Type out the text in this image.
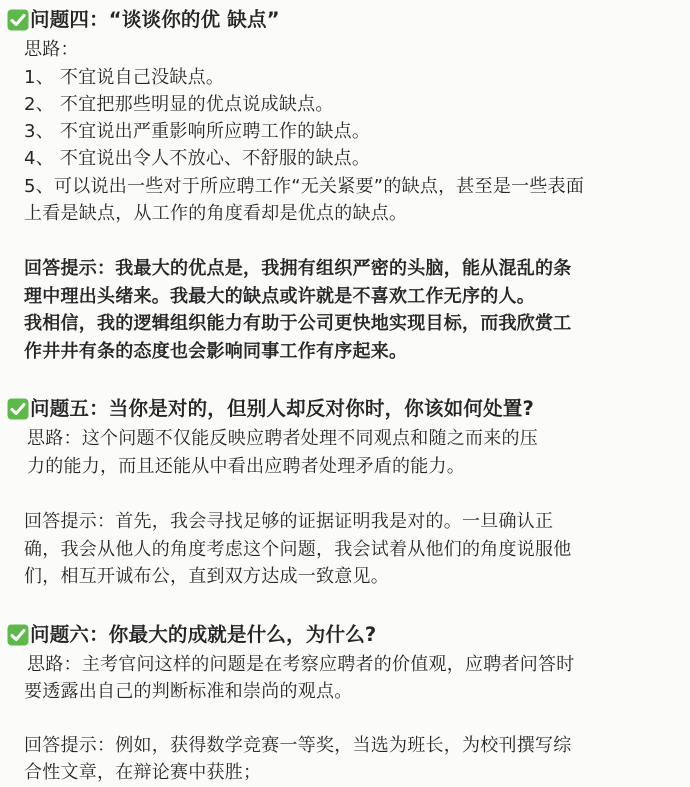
问题四：“谈谈你的优 缺点”
思路：
1、 不宜说自己没缺点。
2、 不宜把那些明显的优点说成缺点。
3、 不宜说出严重影响所应聘工作的缺点。
4、 不宜说出令人不放心、不舒服的缺点。
5、可以说出一些对于所应聘工作“无关紧要”的缺点，甚至是一些表面
上看是缺点，从工作的角度看却是优点的缺点。
回答提示：我最大的优点是，我拥有组织严密的头脑，能从混乱的条
理中理出头绪来。我最大的缺点或许就是不喜欢工作无序的人。
我相信，我的逻辑组织能力有助于公司更快地实现目标，而我欣赏工
作井井有条的态度也会影响同事工作有序起来。
问题五：当你是对的，但别人却反对你时，你该如何处置?
思路：这个问题不仅能反映应聘者处理不同观点和随之而来的压
力的能力，而且还能从中看出应聘者处理矛盾的能力。
回答提示：首先，我会寻找足够的证据证明我是对的。一旦确认正
确，我会从他人的角度考虑这个问题，我会试着从他们的角度说服他
们，相互开诚布公，直到双方达成一致意见。
问题六：你最大的成就是什么，为什么?
思路：主考官问这样的问题是在考察应聘者的价值观，应聘者问答时
要透露出自己的判断标准和崇尚的观点。
回答提示：例如，获得数学竞赛一等奖，当选为班长，为校刊撰写综
合性文章，在辩论赛中获胜；
